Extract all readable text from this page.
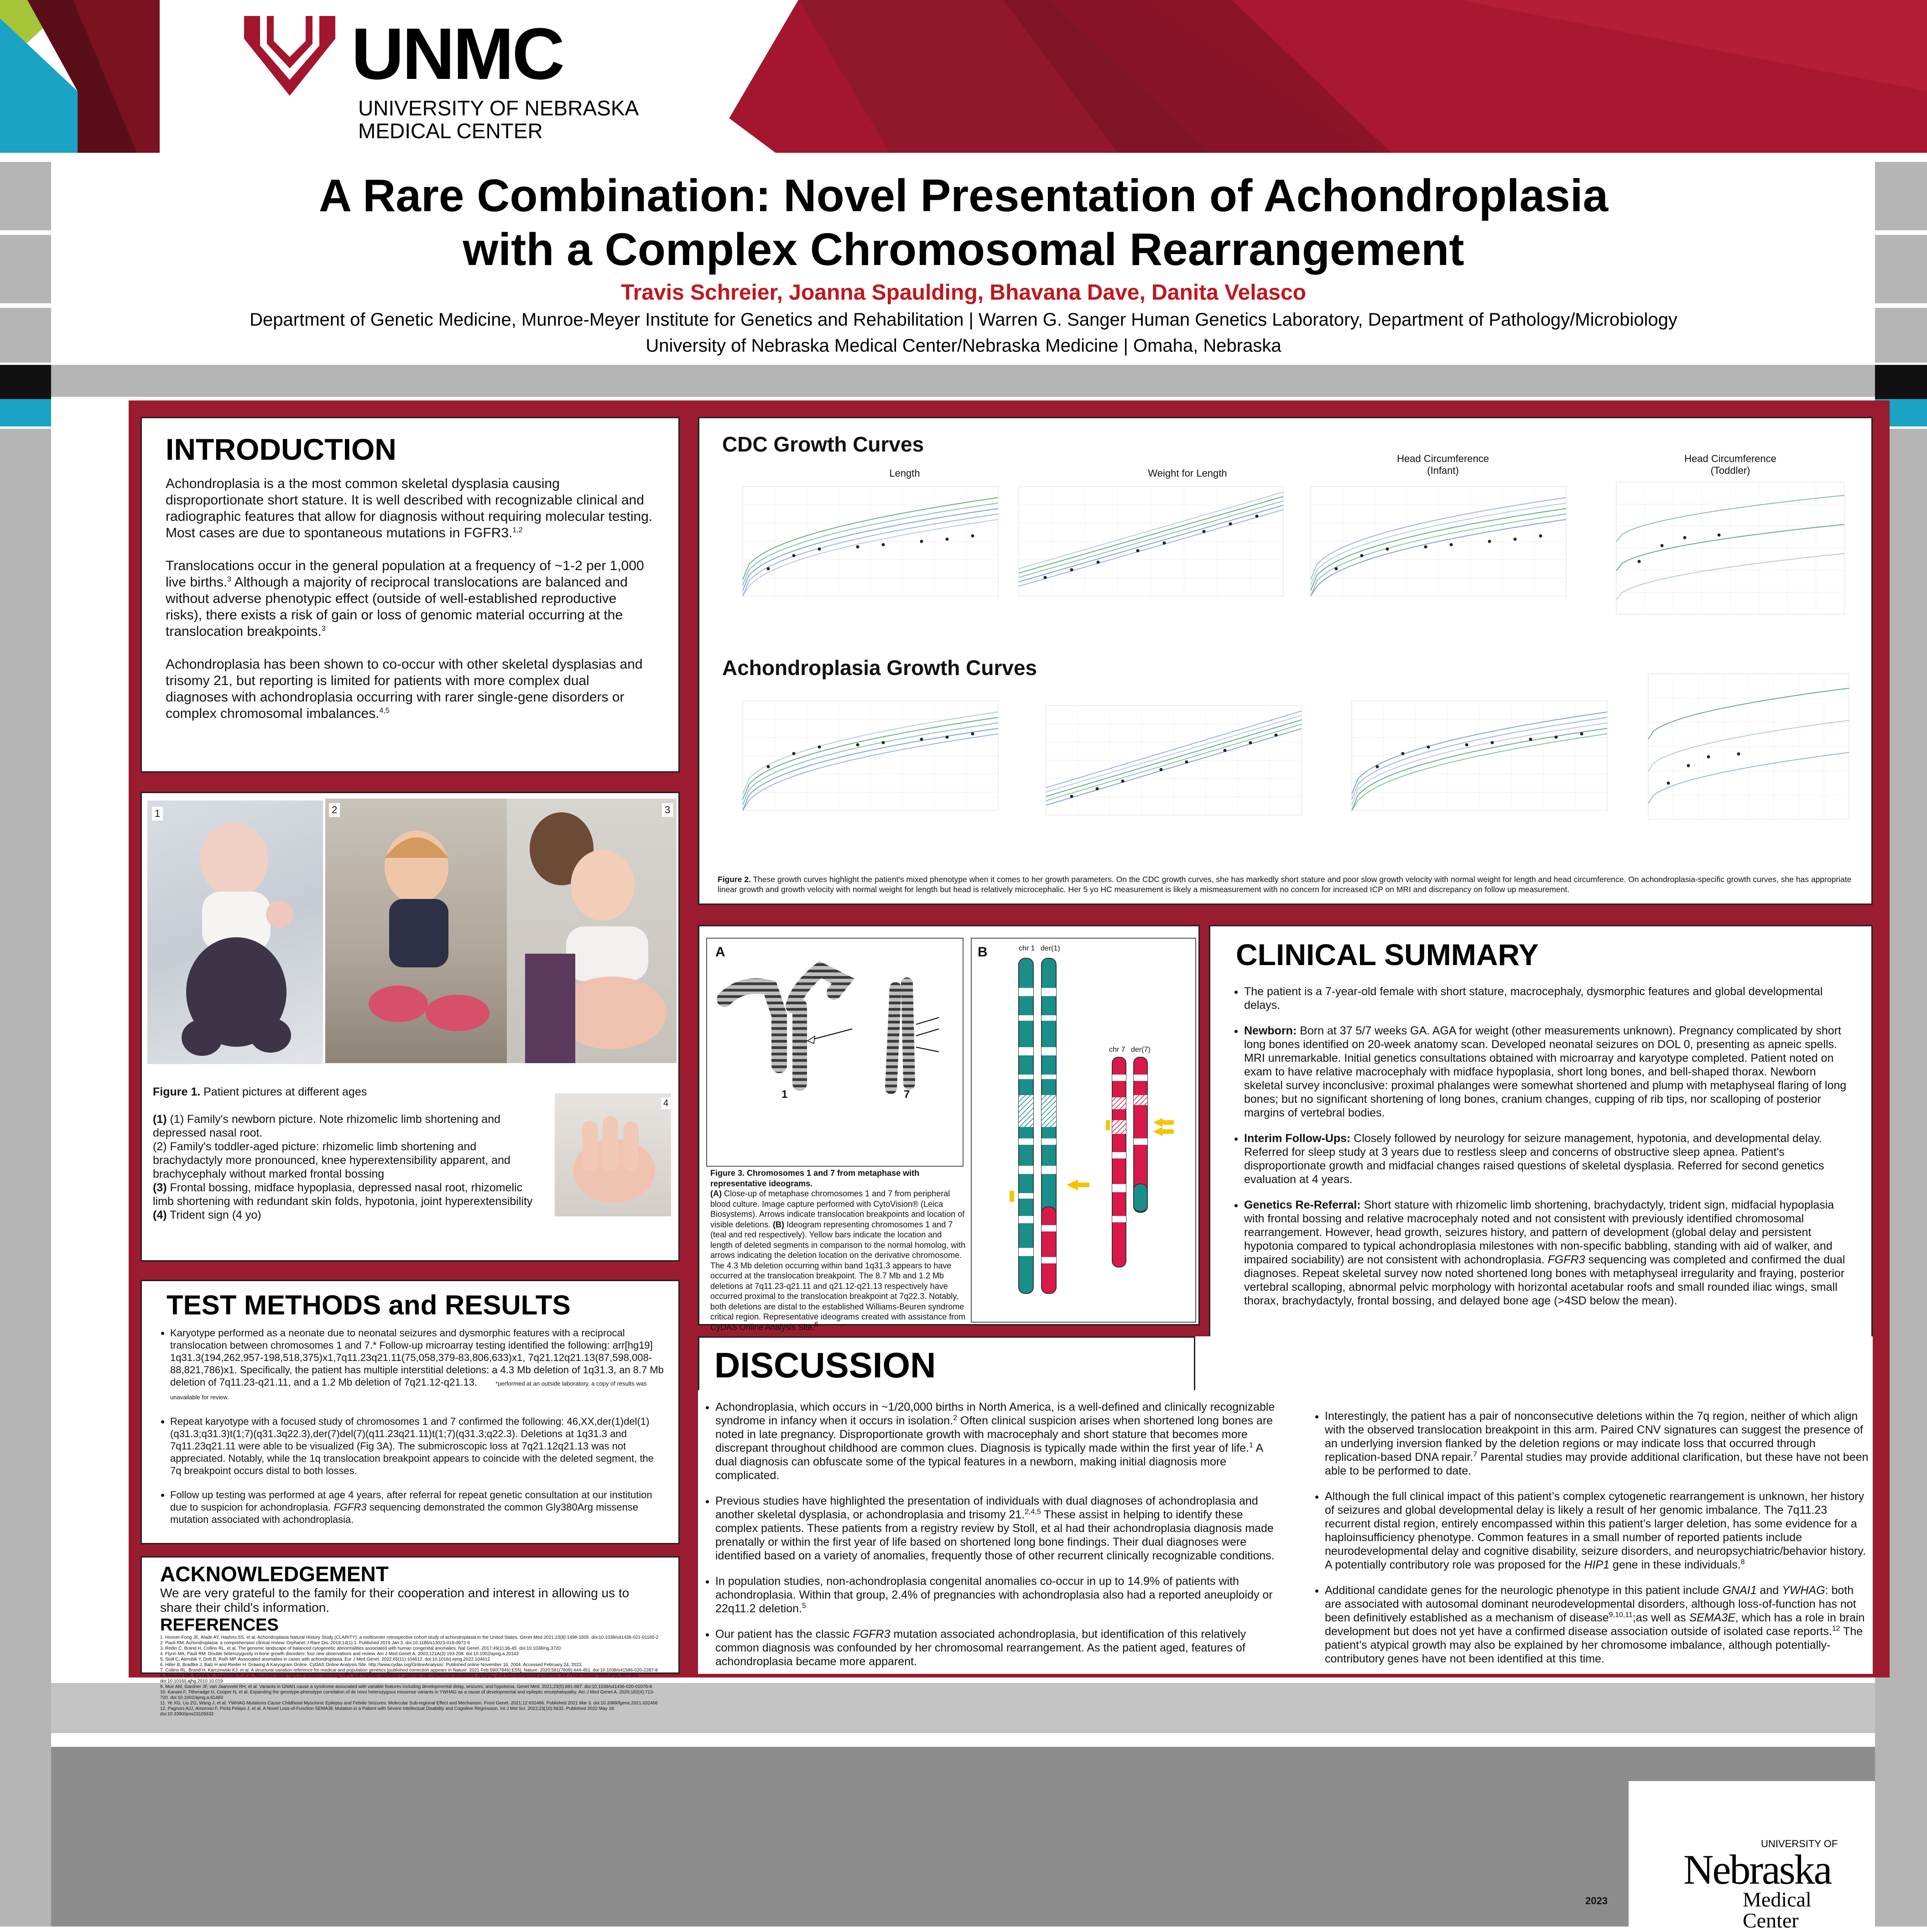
UNMC
UNIVERSITY OF NEBRASKA
MEDICAL CENTER
A Rare Combination: Novel Presentation of Achondroplasia
with a Complex Chromosomal Rearrangement
Travis Schreier, Joanna Spaulding, Bhavana Dave, Danita Velasco
Department of Genetic Medicine, Munroe-Meyer Institute for Genetics and Rehabilitation | Warren G. Sanger Human Genetics Laboratory, Department of Pathology/Microbiology
University of Nebraska Medical Center/Nebraska Medicine | Omaha, Nebraska
INTRODUCTION

Achondroplasia is a the most common skeletal dysplasia causing disproportionate short stature. It is well described with recognizable clinical and radiographic features that allow for diagnosis without requiring molecular testing. Most cases are due to spontaneous mutations in FGFR3.$^{1,2}$

Translocations occur in the general population at a frequency of ~1-2 per 1,000 live births.$^3$ Although a majority of reciprocal translocations are balanced and without adverse phenotypic effect (outside of well-established reproductive risks), there exists a risk of gain or loss of genomic material occurring at the translocation breakpoints.$^3$

Achondroplasia has been shown to co-occur with other skeletal dysplasias and trisomy 21, but reporting is limited for patients with more complex dual diagnoses with achondroplasia occurring with rarer single-gene disorders or complex chromosomal imbalances.$^{4,5}$

1	2	3
4
Figure 1. Patient pictures at different ages
(1) (1) Family's newborn picture. Note rhizomelic limb shortening and depressed nasal root.
(2) Family's toddler-aged picture: rhizomelic limb shortening and brachydactyly more pronounced, knee hyperextensibility apparent, and brachycephaly without marked frontal bossing
(3) Frontal bossing, midface hypoplasia, depressed nasal root, rhizomelic limb shortening with redundant skin folds, hypotonia, joint hyperextensibility
(4) Trident sign (4 yo)
CDC Growth Curves
Achondroplasia Growth Curves
Length	Weight for Length
Head Circumference
(Infant)
Head Circumference
(Toddler)
Figure 2. These growth curves highlight the patient's mixed phenotype when it comes to her growth parameters. On the CDC growth curves, she has markedly short stature and poor slow growth velocity with normal weight for length and head circumference. On achondroplasia-specific growth curves, she has appropriate linear growth and growth velocity with normal weight for length but head is relatively microcephalic. Her 5 yo HC measurement is likely a mismeasurement with no concern for increased ICP on MRI and discrepancy on follow up measurement.
A
1	7
B	chr 1 der(1)
chr 7 der(7)
Figure 3. Chromosomes 1 and 7 from metaphase with representative ideograms.
(A) Close-up of metaphase chromosomes 1 and 7 from peripheral blood culture. Image capture performed with CytoVision® (Leica Biosystems). Arrows indicate translocation breakpoints and location of visible deletions. (B) Ideogram representing chromosomes 1 and 7 (teal and red respectively). Yellow bars indicate the location and length of deleted segments in comparison to the normal homolog, with arrows indicating the deletion location on the derivative chromosome. The 4.3 Mb deletion occurring within band 1q31.3 appears to have occurred at the translocation breakpoint. The 8.7 Mb and 1.2 Mb deletions at 7q11.23-q21.11 and q21.12-q21.13 respectively have occurred proximal to the translocation breakpoint at 7q22.3. Notably, both deletions are distal to the established Williams-Beuren syndrome critical region. Representative ideograms created with assistance from CyDAS Online Analysis Site.6
CLINICAL SUMMARY
• The patient is a 7-year-old female with short stature, macrocephaly, dysmorphic features and global developmental delays.
• Newborn: Born at 37 5/7 weeks GA. AGA for weight (other measurements unknown). Pregnancy complicated by short long bones identified on 20-week anatomy scan. Developed neonatal seizures on DOL 0, presenting as apneic spells. MRI unremarkable. Initial genetics consultations obtained with microarray and karyotype completed. Patient noted on exam to have relative macrocephaly with midface hypoplasia, short long bones, and bell-shaped thorax. Newborn skeletal survey inconclusive: proximal phalanges were somewhat shortened and plump with metaphyseal flaring of long bones; but no significant shortening of long bones, cranium changes, cupping of rib tips, nor scalloping of posterior margins of vertebral bodies.
• Interim Follow-Ups: Closely followed by neurology for seizure management, hypotonia, and developmental delay. Referred for sleep study at 3 years due to restless sleep and concerns of obstructive sleep apnea. Patient's disproportionate growth and midfacial changes raised questions of skeletal dysplasia. Referred for second genetics evaluation at 4 years.
• Genetics Re-Referral: Short stature with rhizomelic limb shortening, brachydactyly, trident sign, midfacial hypoplasia with frontal bossing and relative macrocephaly noted and not consistent with previously identified chromosomal rearrangement. However, head growth, seizures history, and pattern of development (global delay and persistent hypotonia compared to typical achondroplasia milestones with non-specific babbling, standing with aid of walker, and impaired sociability) are not consistent with achondroplasia. FGFR3 sequencing was completed and confirmed the dual diagnoses. Repeat skeletal survey now noted shortened long bones with metaphyseal irregularity and fraying, posterior vertebral scalloping, abnormal pelvic morphology with horizontal acetabular roofs and small rounded iliac wings, small thorax, brachydactyly, frontal bossing, and delayed bone age (>4SD below the mean).
TEST METHODS and RESULTS
• Karyotype performed as a neonate due to neonatal seizures and dysmorphic features with a reciprocal translocation between chromosomes 1 and 7.* Follow-up microarray testing identified the following: arr[hg19] 1q31.3(194,262,957-198,518,375)x1,7q11.23q21.11(75,058,379-83,806,633)x1, 7q21.12q21.13(87,598,008-88,821,786)x1. Specifically, the patient has multiple interstitial deletions: a 4.3 Mb deletion of 1q31.3, an 8.7 Mb deletion of 7q11.23-q21.11, and a 1.2 Mb deletion of 7q21.12-q21.13.	*performed at an outside laboratory, a copy of results was unavailable for review.
• Repeat karyotype with a focused study of chromosomes 1 and 7 confirmed the following: 46,XX,der(1)del(1)(q31.3;q31.3)t(1;7)(q31.3q22.3),der(7)del(7)(q11.23q21.11)t(1;7)(q31.3;q22.3). Deletions at 1q31.3 and 7q11.23q21.11 were able to be visualized (Fig 3A). The submicroscopic loss at 7q21.12q21.13 was not appreciated. Notably, while the 1q translocation breakpoint appears to coincide with the deleted segment, the 7q breakpoint occurs distal to both losses.
• Follow up testing was performed at age 4 years, after referral for repeat genetic consultation at our institution due to suspicion for achondroplasia. FGFR3 sequencing demonstrated the common Gly380Arg missense mutation associated with achondroplasia.
ACKNOWLEDGEMENT
We are very grateful to the family for their cooperation and interest in allowing us to share their child's information.
REFERENCES
1. Hoover-Fong JE, Alade AY, Hashmi SS, et al. Achondroplasia Natural History Study (CLARITY): a multicenter retrospective cohort study of achondroplasia in the United States. Genet Med 2021;23(8):1498-1505. doi:10.1038/s41436-021-01165-2
2. Pauli RM. Achondroplasia: a comprehensive clinical review. Orphanet J Rare Dis. 2019;14(1):1. Published 2019 Jan 3. doi:10.1186/s13023-018-0972-6
3. Redin C, Brand H, Collins RL, et al. The genomic landscape of balanced cytogenetic abnormalities associated with human congenital anomalies. Nat Genet. 2017;49(1):36-45. doi:10.1038/ng.3720
4. Flynn MA, Pauli RM. Double heterozygosity in bone growth disorders: four new observations and review. Am J Med Genet A. 2003;121A(3):193-208. doi:10.1002/ajmg.a.20143
5. Stoll C, Alembik Y, Dott B, Roth MP. Associated anomalies in cases with achondroplasia. Eur J Med Genet. 2022;65(11):104612. doi:10.1016/j.ejmg.2022.104612
6. Hiller B, Bradtke J, Balz H and Rieder H. Drawing A Karyogram Online. CyDAS Online Analysis Site. http://www.cydas.org/OnlineAnalysis/. Published online November 16, 2004. Accessed February 24, 2023.
7. Collins RL, Brand H, Karczewski KJ, et al. A structural variation reference for medical and population genetics [published correction appears in Nature. 2021 Feb;590(7846):E55]. Nature. 2020;581(7809):444-451. doi:10.1038/s41586-020-2287-8
8. Ramocki MB, Bartnik M, Szafranski P, et al. Recurrent distal 7q11.23 deletion including HIP1 and YWHAG identified in patients with intellectual disabilities, epilepsy, and neurobehavioral problems. Am J Hum Genet. 2010;87(6):857-865. doi:10.1016/j.ajhg.2010.10.019
9. Muir AM, Gardner JF, van Jaarsveld RH, et al. Variants in GNAI1 cause a syndrome associated with variable features including developmental delay, seizures, and hypotonia. Genet Med. 2021;23(5):881-887. doi:10.1038/s41436-020-01076-8
10. Kanani F, Titheradge H, Cooper N, et al. Expanding the genotype-phenotype correlation of de novo heterozygous missense variants in YWHAG as a cause of developmental and epileptic encephalopathy. Am J Med Genet A. 2020;182(4):713-720. doi:10.1002/ajmg.a.61483
11. Ye XG, Liu ZG, Wang J, et al. YWHAG Mutations Cause Childhood Myoclonic Epilepsy and Febrile Seizures: Molecular Sub-regional Effect and Mechanism. Front Genet. 2021;12:632466. Published 2021 Mar 3. doi:10.3389/fgene.2021.632466
12. Pagnoni AJJ, Amoroso F, Porta Pelayo J, et al. A Novel Loss-of-Function SEMA3E Mutation in a Patient with Severe Intellectual Disability and Cognitive Regression. Int J Mol Sci. 2022;23(10):5632. Published 2022 May 18. doi:10.3390/ijms23105632
DISCUSSION
• Achondroplasia, which occurs in ~1/20,000 births in North America, is a well-defined and clinically recognizable syndrome in infancy when it occurs in isolation.$^2$ Often clinical suspicion arises when shortened long bones are noted in late pregnancy. Disproportionate growth with macrocephaly and short stature that becomes more discrepant throughout childhood are common clues. Diagnosis is typically made within the first year of life.$^1$ A dual diagnosis can obfuscate some of the typical features in a newborn, making initial diagnosis more complicated.
• Previous studies have highlighted the presentation of individuals with dual diagnoses of achondroplasia and another skeletal dysplasia, or achondroplasia and trisomy 21.$^{2,4,5}$ These assist in helping to identify these complex patients. These patients from a registry review by Stoll, et al had their achondroplasia diagnosis made prenatally or within the first year of life based on shortened long bone findings. Their dual diagnoses were identified based on a variety of anomalies, frequently those of other recurrent clinically recognizable conditions.
• In population studies, non-achondroplasia congenital anomalies co-occur in up to 14.9% of patients with achondroplasia. Within that group, 2.4% of pregnancies with achondroplasia also had a reported aneuploidy or 22q11.2 deletion.$^5$
• Our patient has the classic FGFR3 mutation associated achondroplasia, but identification of this relatively common diagnosis was confounded by her chromosomal rearrangement. As the patient aged, features of achondroplasia became more apparent.
• Interestingly, the patient has a pair of nonconsecutive deletions within the 7q region, neither of which align with the observed translocation breakpoint in this arm. Paired CNV signatures can suggest the presence of an underlying inversion flanked by the deletion regions or may indicate loss that occurred through replication-based DNA repair.$^7$ Parental studies may provide additional clarification, but these have not been able to be performed to date.
• Although the full clinical impact of this patient’s complex cytogenetic rearrangement is unknown, her history of seizures and global developmental delay is likely a result of her genomic imbalance. The 7q11.23 recurrent distal region, entirely encompassed within this patient’s larger deletion, has some evidence for a haploinsufficiency phenotype. Common features in a small number of reported patients include neurodevelopmental delay and cognitive disability, seizure disorders, and neuropsychiatric/behavior history. A potentially contributory role was proposed for the HIP1 gene in these individuals.$^8$
• Additional candidate genes for the neurologic phenotype in this patient include GNAI1 and YWHAG: both are associated with autosomal dominant neurodevelopmental disorders, although loss-of-function has not been definitively established as a mechanism of disease$^{9,10,11}$;as well as SEMA3E, which has a role in brain development but does not yet have a confirmed disease association outside of isolated case reports.$^{12}$ The patient’s atypical growth may also be explained by her chromosome imbalance, although potentially-contributory genes have not been identified at this time.
2023
UNIVERSITY OF
Nebraska
Medical Center
